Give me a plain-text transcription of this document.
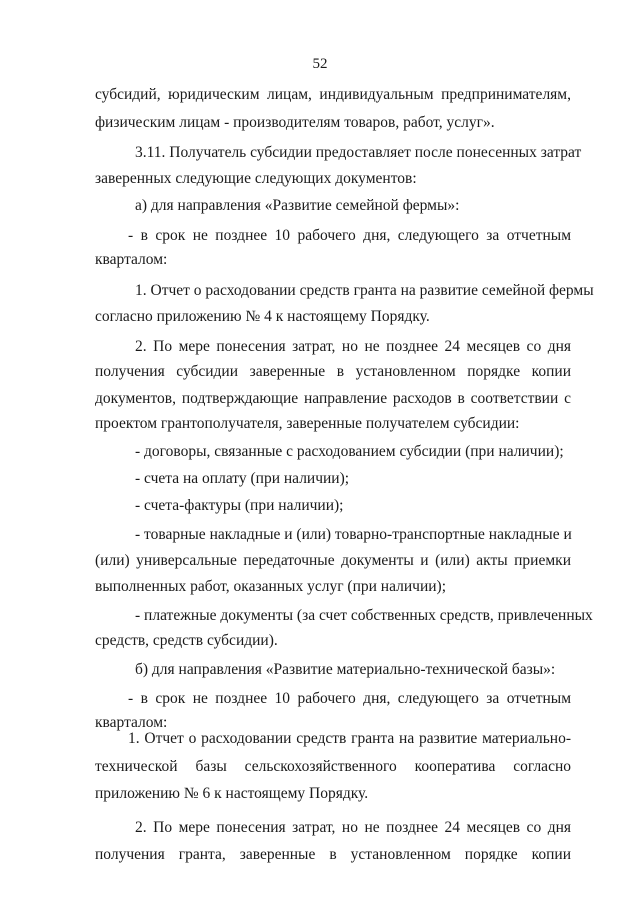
52
субсидий, юридическим лицам, индивидуальным предпринимателям,
физическим лицам - производителям товаров, работ, услуг».
3.11. Получатель субсидии предоставляет после понесенных затрат
заверенных следующие следующих документов:
а) для направления «Развитие семейной фермы»:
- в срок не позднее 10 рабочего дня, следующего за отчетным
кварталом:
1. Отчет о расходовании средств гранта на развитие семейной фермы
согласно приложению № 4 к настоящему Порядку.
2. По мере понесения затрат, но не позднее 24 месяцев со дня
получения субсидии заверенные в установленном порядке копии
документов, подтверждающие направление расходов в соответствии с
проектом грантополучателя, заверенные получателем субсидии:
- договоры, связанные с расходованием субсидии (при наличии);
- счета на оплату (при наличии);
- счета-фактуры (при наличии);
- товарные накладные и (или) товарно-транспортные накладные и
(или) универсальные передаточные документы и (или) акты приемки
выполненных работ, оказанных услуг (при наличии);
- платежные документы (за счет собственных средств, привлеченных
средств, средств субсидии).
б) для направления «Развитие материально-технической базы»:
- в срок не позднее 10 рабочего дня, следующего за отчетным
кварталом:
1. Отчет о расходовании средств гранта на развитие материально-
технической базы сельскохозяйственного кооператива согласно
приложению № 6 к настоящему Порядку.
2. По мере понесения затрат, но не позднее 24 месяцев со дня
получения гранта, заверенные в установленном порядке копии
